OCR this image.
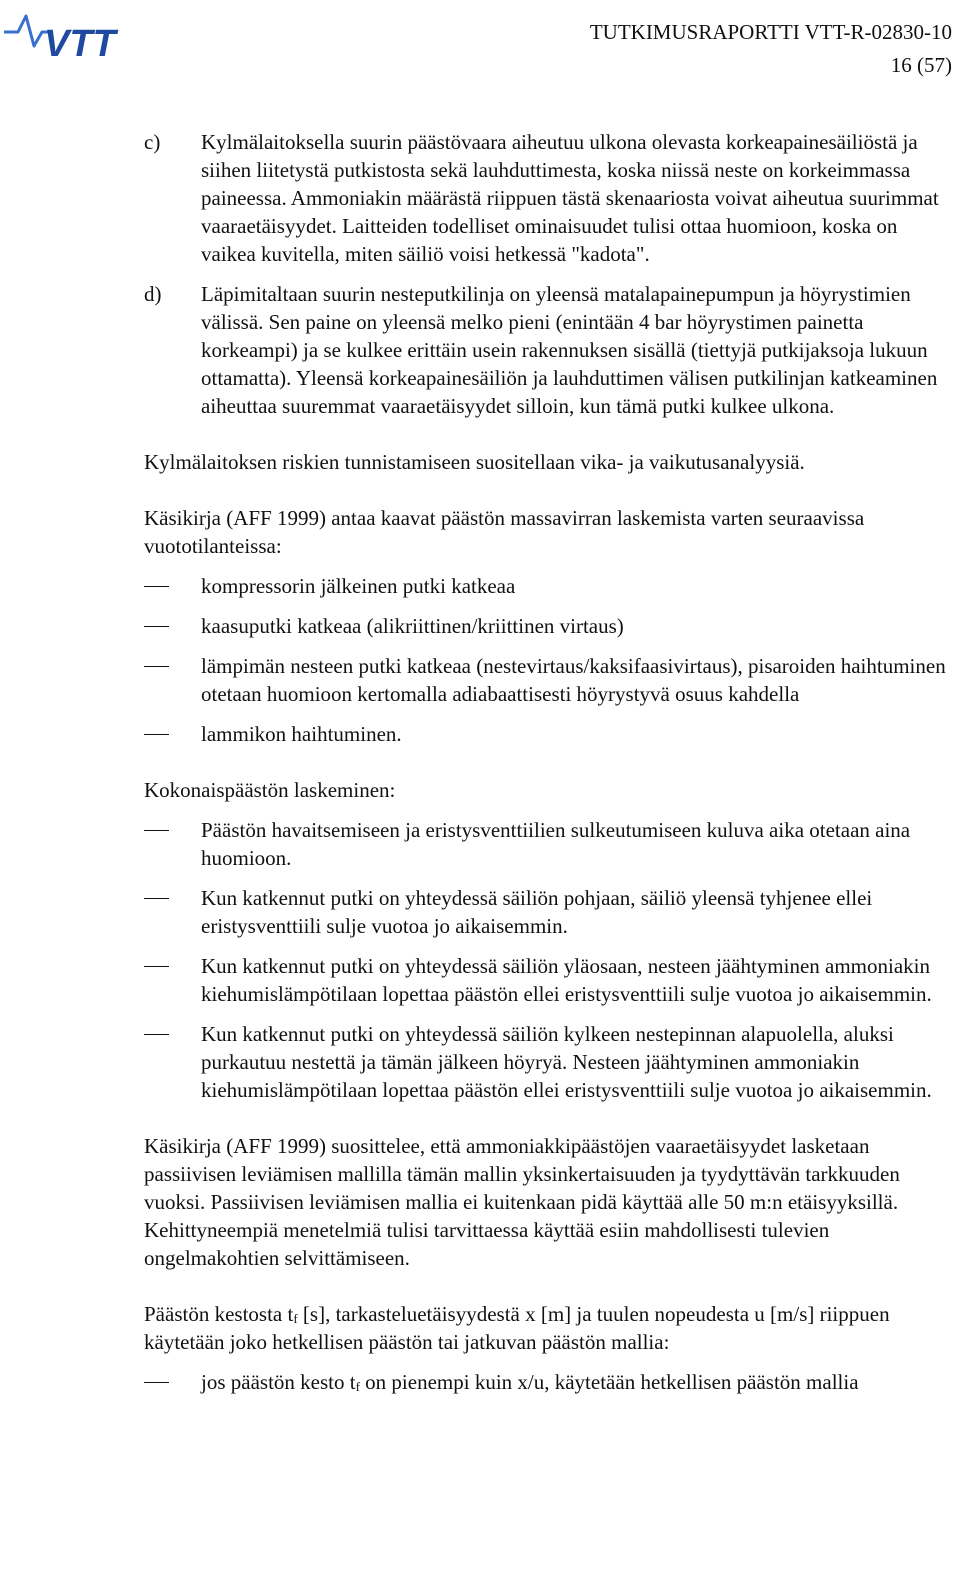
VTT	TUTKIMUSRAPORTTI VTT-R-02830-10
16 (57)
c) Kylmälaitoksella suurin päästövaara aiheutuu ulkona olevasta korkeapainesäiliöstä ja siihen liitetystä putkistosta sekä lauhduttimesta, koska niissä neste on korkeimmassa paineessa. Ammoniakin määrästä riippuen tästä skenaariosta voivat aiheutua suurimmat vaaraetäisyydet. Laitteiden todelliset ominaisuudet tulisi ottaa huomioon, koska on vaikea kuvitella, miten säiliö voisi hetkessä "kadota".
d) Läpimitaltaan suurin nesteputkilinja on yleensä matalapainepumpun ja höyrystimien välissä. Sen paine on yleensä melko pieni (enintään 4 bar höyrystimen painetta korkeampi) ja se kulkee erittäin usein rakennuksen sisällä (tiettyjä putkijaksoja lukuun ottamatta). Yleensä korkeapainesäiliön ja lauhduttimen välisen putkilinjan katkeaminen aiheuttaa suuremmat vaaraetäisyydet silloin, kun tämä putki kulkee ulkona.

Kylmälaitoksen riskien tunnistamiseen suositellaan vika- ja vaikutusanalyysiä.

Käsikirja (AFF 1999) antaa kaavat päästön massavirran laskemista varten seuraavissa vuototilanteissa:

kompressorin jälkeinen putki katkeaa
kaasuputki katkeaa (alikriittinen/kriittinen virtaus)
lämpimän nesteen putki katkeaa (nestevirtaus/kaksifaasivirtaus), pisaroiden haihtuminen otetaan huomioon kertomalla adiabaattisesti höyrystyvä osuus kahdella
lammikon haihtuminen.

Kokonaispäästön laskeminen:

Päästön havaitsemiseen ja eristysventtiilien sulkeutumiseen kuluva aika otetaan aina huomioon.
Kun katkennut putki on yhteydessä säiliön pohjaan, säiliö yleensä tyhjenee ellei eristysventtiili sulje vuotoa jo aikaisemmin.
Kun katkennut putki on yhteydessä säiliön yläosaan, nesteen jäähtyminen ammoniakin kiehumislämpötilaan lopettaa päästön ellei eristysventtiili sulje vuotoa jo aikaisemmin.
Kun katkennut putki on yhteydessä säiliön kylkeen nestepinnan alapuolella, aluksi purkautuu nestettä ja tämän jälkeen höyryä. Nesteen jäähtyminen ammoniakin kiehumislämpötilaan lopettaa päästön ellei eristysventtiili sulje vuotoa jo aikaisemmin.

Käsikirja (AFF 1999) suosittelee, että ammoniakkipäästöjen vaaraetäisyydet lasketaan passiivisen leviämisen mallilla tämän mallin yksinkertaisuuden ja tyydyttävän tarkkuuden vuoksi. Passiivisen leviämisen mallia ei kuitenkaan pidä käyttää alle 50 m:n etäisyyksillä. Kehittyneempiä menetelmiä tulisi tarvittaessa käyttää esiin mahdollisesti tulevien ongelmakohtien selvittämiseen.

Päästön kestosta $t_f$ [s], tarkasteluetäisyydestä x [m] ja tuulen nopeudesta u [m/s] riippuen käytetään joko hetkellisen päästön tai jatkuvan päästön mallia:

jos päästön kesto $t_f$ on pienempi kuin x/u, käytetään hetkellisen päästön mallia
